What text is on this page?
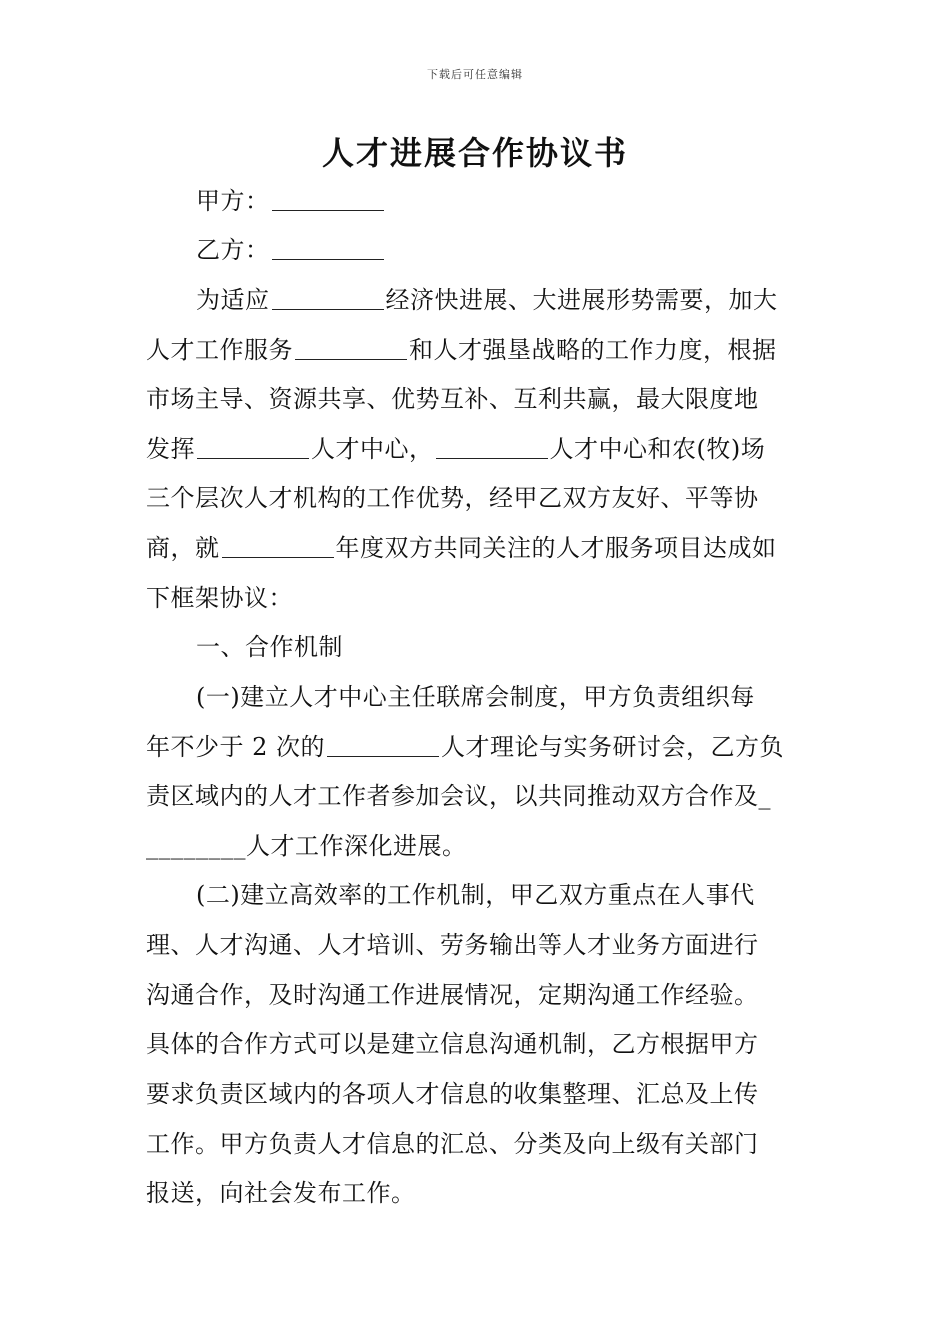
下载后可任意编辑
人才进展合作协议书
甲方：
乙方：
为适应	经济快进展、大进展形势需要，加大
人才工作服务	和人才强垦战略的工作力度，根据
市场主导、资源共享、优势互补、互利共赢，最大限度地
发挥	人才中心，	人才中心和农(牧)场
三个层次人才机构的工作优势，经甲乙双方友好、平等协
商，就	年度双方共同关注的人才服务项目达成如
下框架协议：
一、合作机制
(一)建立人才中心主任联席会制度，甲方负责组织每
年不少于 2 次的	人才理论与实务研讨会，乙方负
责区域内的人才工作者参加会议，以共同推动双方合作及_
________人才工作深化进展。
(二)建立高效率的工作机制，甲乙双方重点在人事代
理、人才沟通、人才培训、劳务输出等人才业务方面进行
沟通合作，及时沟通工作进展情况，定期沟通工作经验。
具体的合作方式可以是建立信息沟通机制，乙方根据甲方
要求负责区域内的各项人才信息的收集整理、汇总及上传
工作。甲方负责人才信息的汇总、分类及向上级有关部门
报送，向社会发布工作。
